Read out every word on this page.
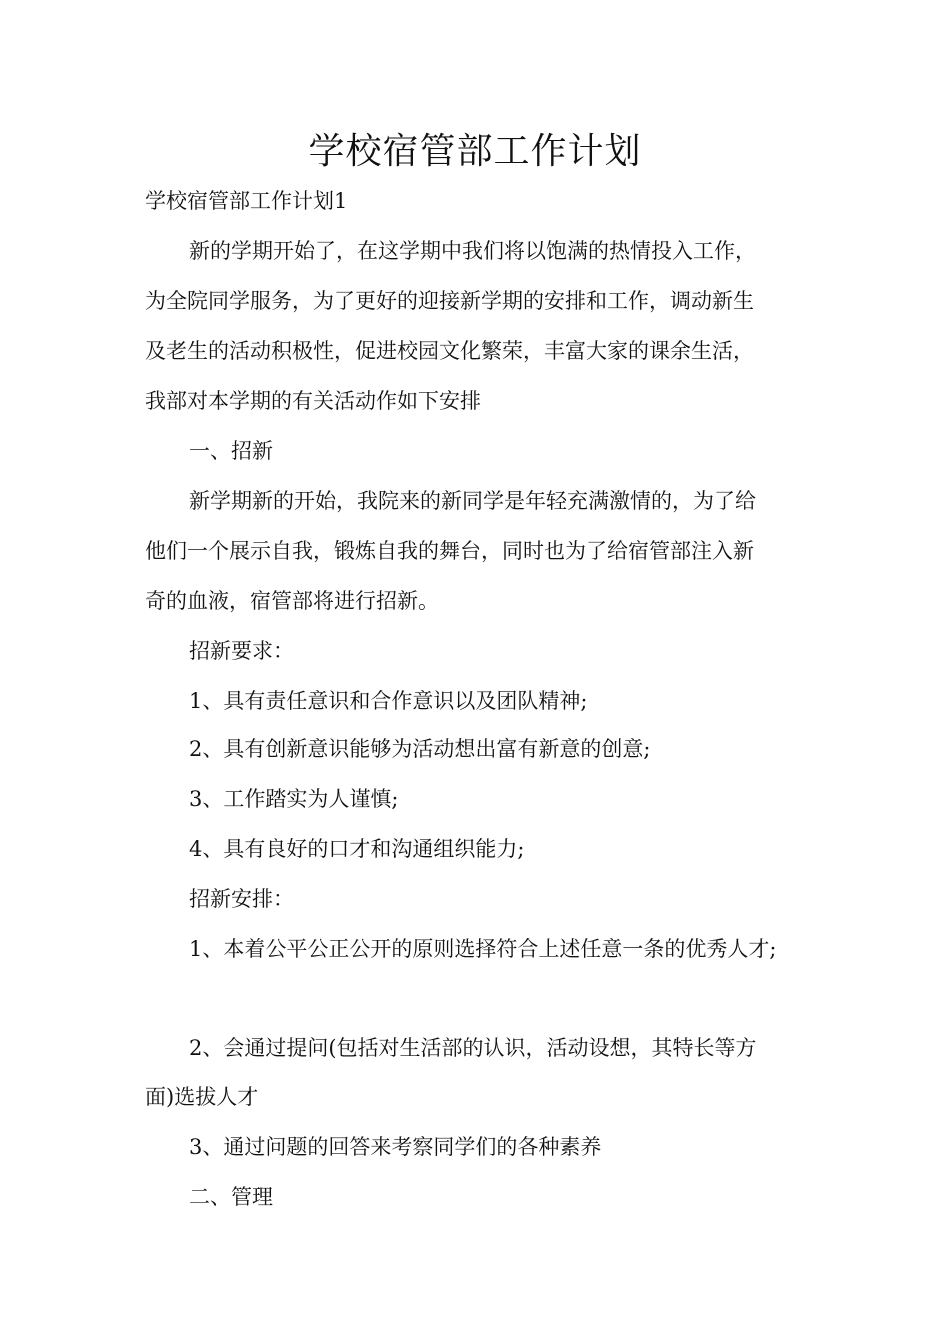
学校宿管部工作计划

学校宿管部工作计划1

新的学期开始了，在这学期中我们将以饱满的热情投入工作，

为全院同学服务，为了更好的迎接新学期的安排和工作，调动新生

及老生的活动积极性，促进校园文化繁荣，丰富大家的课余生活，

我部对本学期的有关活动作如下安排

一、招新

新学期新的开始，我院来的新同学是年轻充满激情的，为了给

他们一个展示自我，锻炼自我的舞台，同时也为了给宿管部注入新

奇的血液，宿管部将进行招新。

招新要求：

1、具有责任意识和合作意识以及团队精神;

2、具有创新意识能够为活动想出富有新意的创意;

3、工作踏实为人谨慎;

4、具有良好的口才和沟通组织能力;

招新安排：

1、本着公平公正公开的原则选择符合上述任意一条的优秀人才;

2、会通过提问(包括对生活部的认识，活动设想，其特长等方

面)选拔人才

3、通过问题的回答来考察同学们的各种素养

二、管理
